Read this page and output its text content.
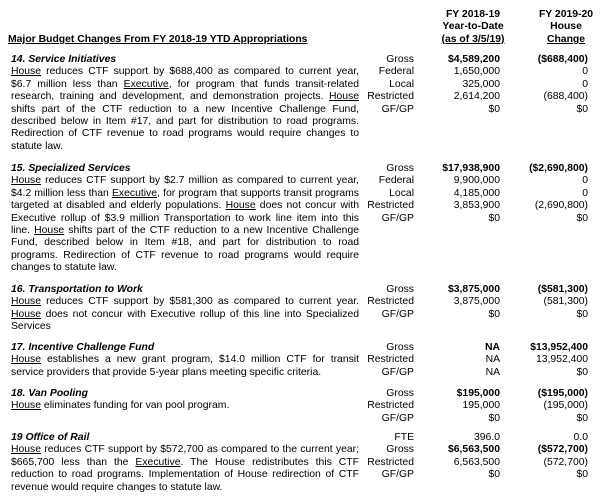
FY 2018-19
Year-to-Date
(as of 3/5/19)
FY 2019-20
House
Change
Major Budget Changes From FY 2018-19 YTD Appropriations
14. Service Initiatives
House reduces CTF support by $688,400 as compared to current year, $6.7 million less than Executive, for program that funds transit-related research, training and development, and demonstration projects. House shifts part of the CTF reduction to a new Incentive Challenge Fund, described below in Item #17, and part for distribution to road programs. Redirection of CTF revenue to road programs would require changes to statute law.
Gross
Federal
Local
Restricted
GF/GP
$4,589,200
1,650,000
325,000
2,614,200
$0
($688,400)
0
0
(688,400)
$0
15. Specialized Services
House reduces CTF support by $2.7 million as compared to current year, $4.2 million less than Executive, for program that supports transit programs targeted at disabled and elderly populations. House does not concur with Executive rollup of $3.9 million Transportation to work line item into this line. House shifts part of the CTF reduction to a new Incentive Challenge Fund, described below in Item #18, and part for distribution to road programs. Redirection of CTF revenue to road programs would require changes to statute law.
Gross
Federal
Local
Restricted
GF/GP
$17,938,900
9,900,000
4,185,000
3,853,900
$0
($2,690,800)
0
0
(2,690,800)
$0
16. Transportation to Work
House reduces CTF support by $581,300 as compared to current year. House does not concur with Executive rollup of this line into Specialized Services
Gross
Restricted
GF/GP
$3,875,000
3,875,000
$0
($581,300)
(581,300)
$0
17. Incentive Challenge Fund
House establishes a new grant program, $14.0 million CTF for transit service providers that provide 5-year plans meeting specific criteria.
Gross
Restricted
GF/GP
NA
NA
NA
$13,952,400
13,952,400
$0
18. Van Pooling
House eliminates funding for van pool program.
Gross
Restricted
GF/GP
$195,000
195,000
$0
($195,000)
(195,000)
$0
19 Office of Rail
House reduces CTF support by $572,700 as compared to the current year; $665,700 less than the Executive. The House redistributes this CTF reduction to road programs. Implementation of House redirection of CTF revenue would require changes to statute law.
FTE
Gross
Restricted
GF/GP
396.0
$6,563,500
6,563,500
$0
0.0
($572,700)
(572,700)
$0
